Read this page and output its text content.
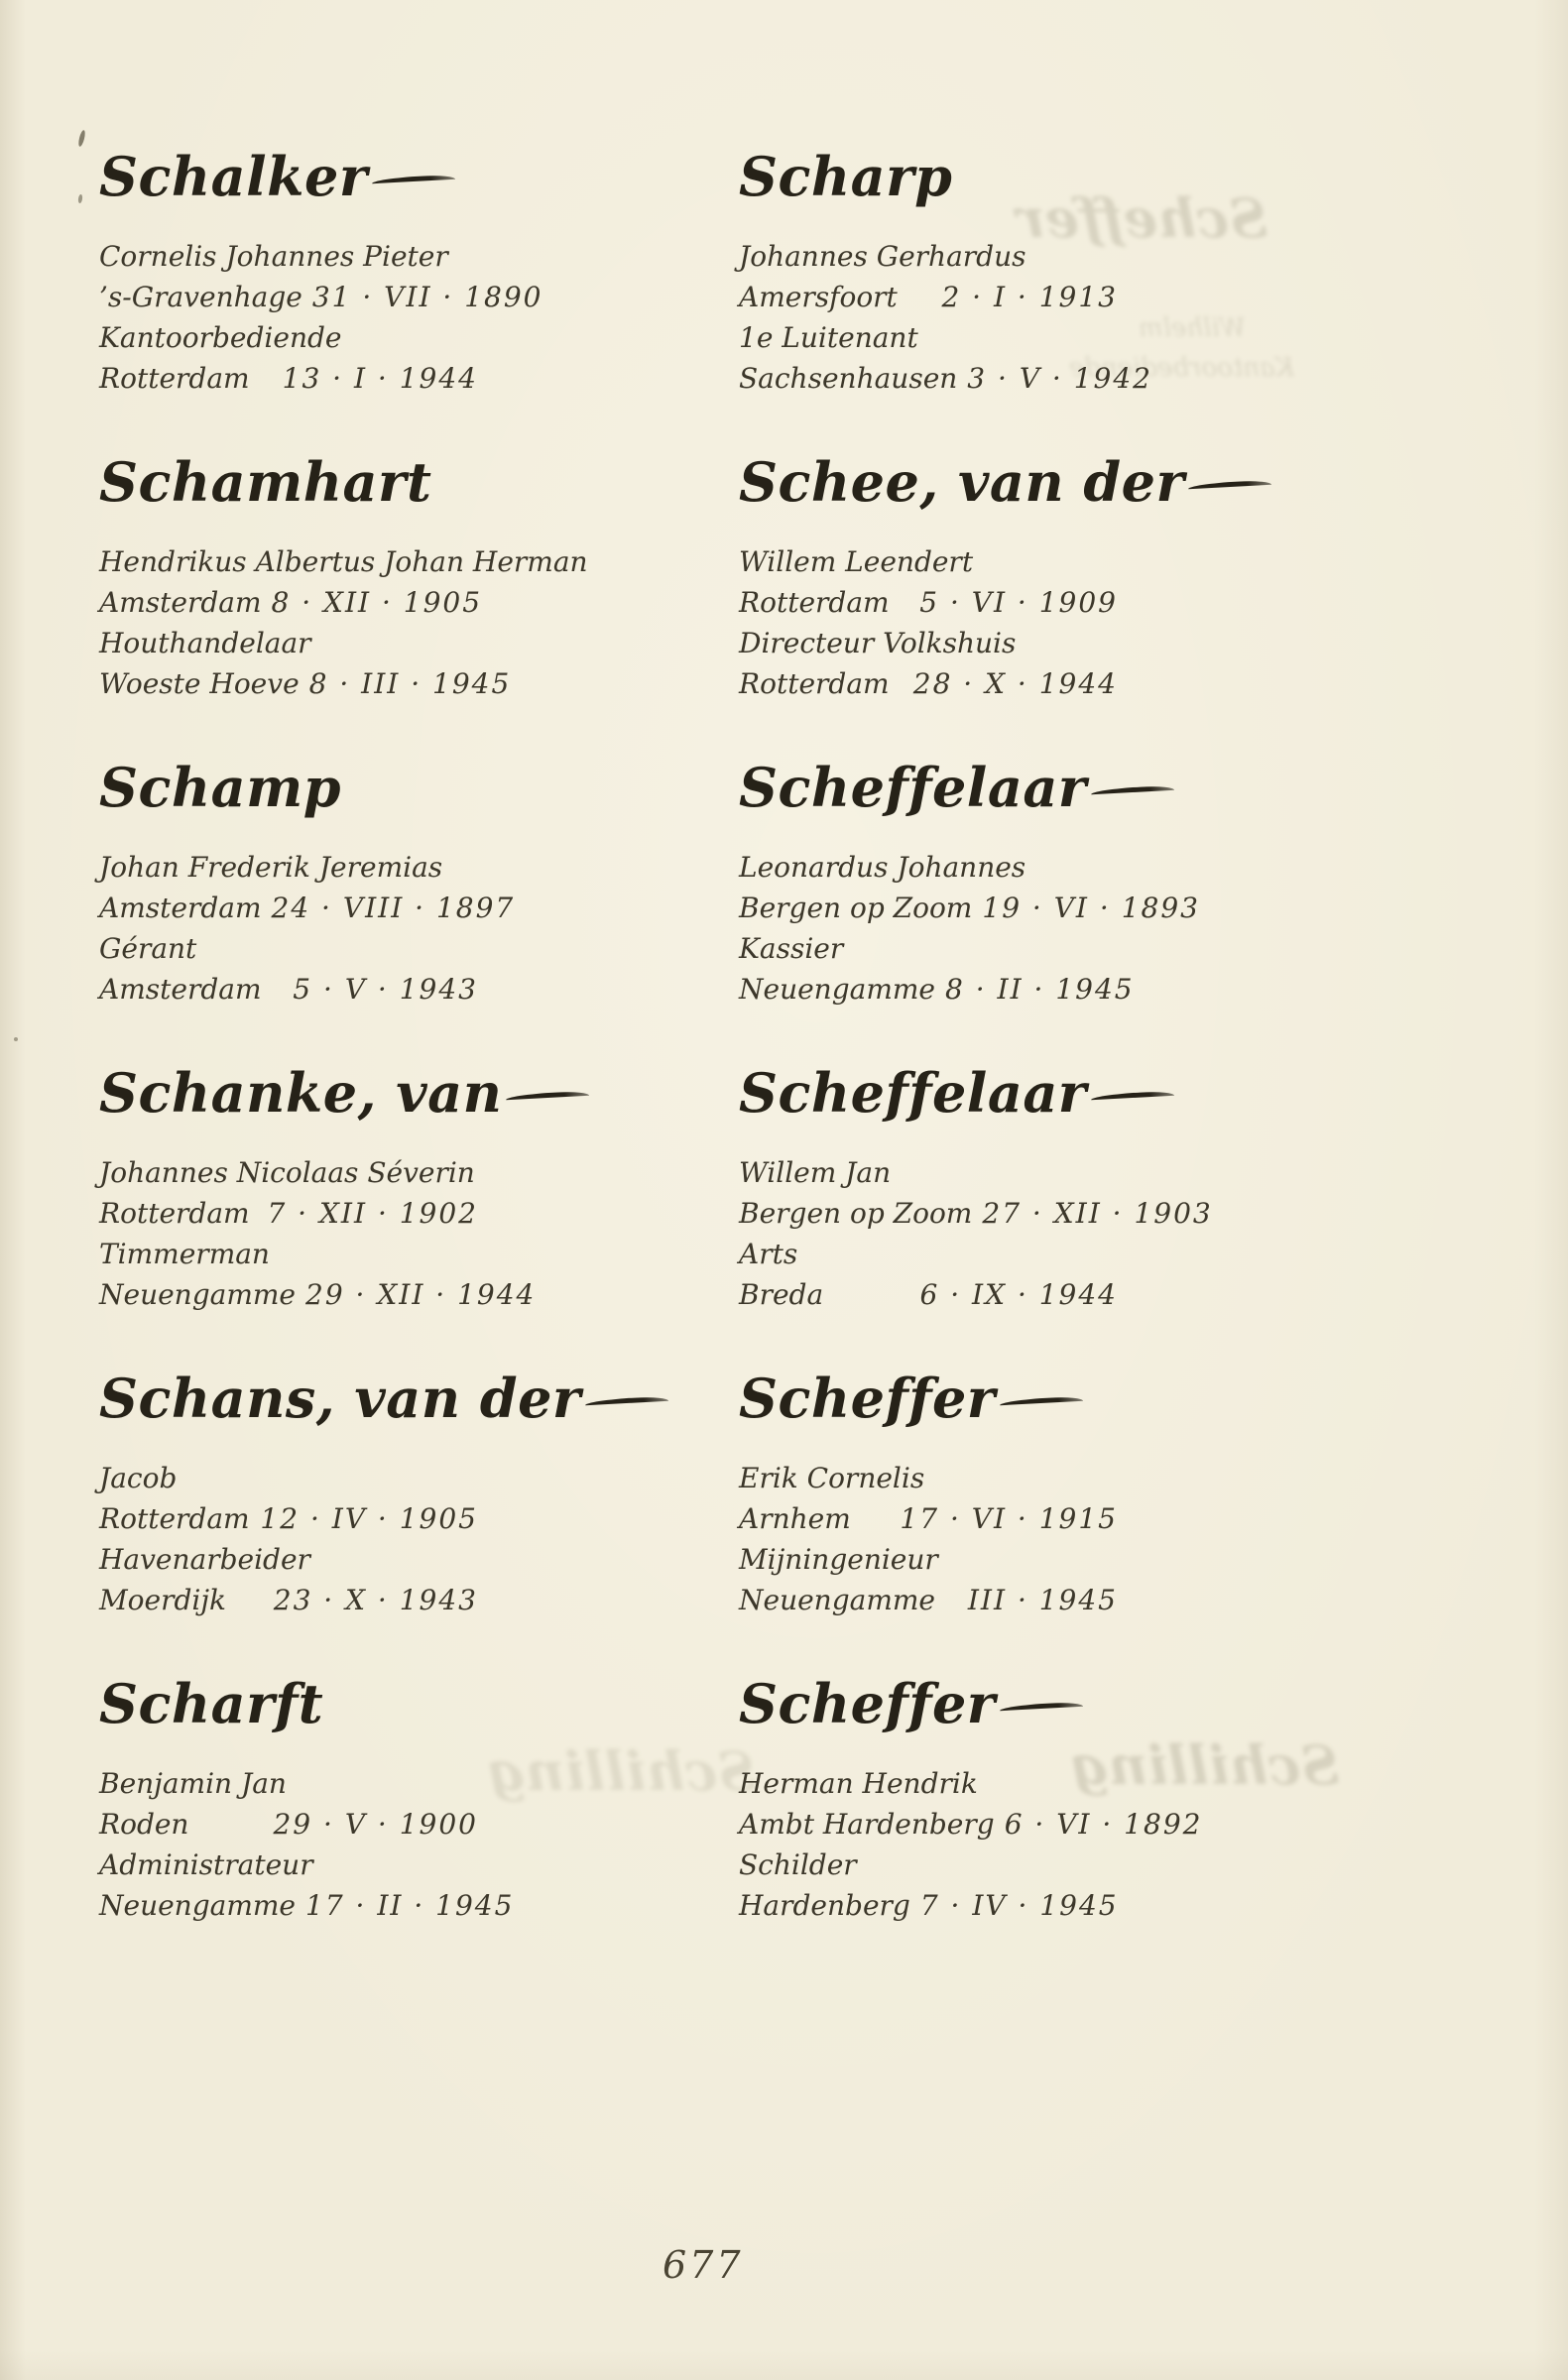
Scheffer
Wilhelm
Kantoorbediende
Schilling
Schilling
Schalker

Cornelis Johannes Pieter

’s-Gravenhage 31 · VII · 1890

Kantoorbediende

Rotterdam 13 · I · 1944

Schamhart

Hendrikus Albertus Johan Herman

Amsterdam 8 · XII · 1905

Houthandelaar

Woeste Hoeve 8 · III · 1945

Schamp

Johan Frederik Jeremias

Amsterdam 24 · VIII · 1897

Gérant

Amsterdam 5 · V · 1943

Schanke, van

Johannes Nicolaas Séverin

Rotterdam 7 · XII · 1902

Timmerman

Neuengamme 29 · XII · 1944

Schans, van der

Jacob

Rotterdam 12 · IV · 1905

Havenarbeider

Moerdijk 23 · X · 1943

Scharft

Benjamin Jan

Roden	29 · V · 1900

Administrateur

Neuengamme 17 · II · 1945

Scharp

Johannes Gerhardus

Amersfoort 2 · I · 1913

1e Luitenant

Sachsenhausen 3 · V · 1942

Schee, van der

Willem Leendert

Rotterdam 5 · VI · 1909

Directeur Volkshuis

Rotterdam 28 · X · 1944

Scheffelaar

Leonardus Johannes

Bergen op Zoom 19 · VI · 1893

Kassier

Neuengamme 8 · II · 1945

Scheffelaar

Willem Jan

Bergen op Zoom 27 · XII · 1903

Arts

Breda	6 · IX · 1944

Scheffer

Erik Cornelis

Arnhem 17 · VI · 1915

Mijningenieur

Neuengamme III · 1945

Scheffer

Herman Hendrik

Ambt Hardenberg 6 · VI · 1892

Schilder

Hardenberg 7 · IV · 1945

677
